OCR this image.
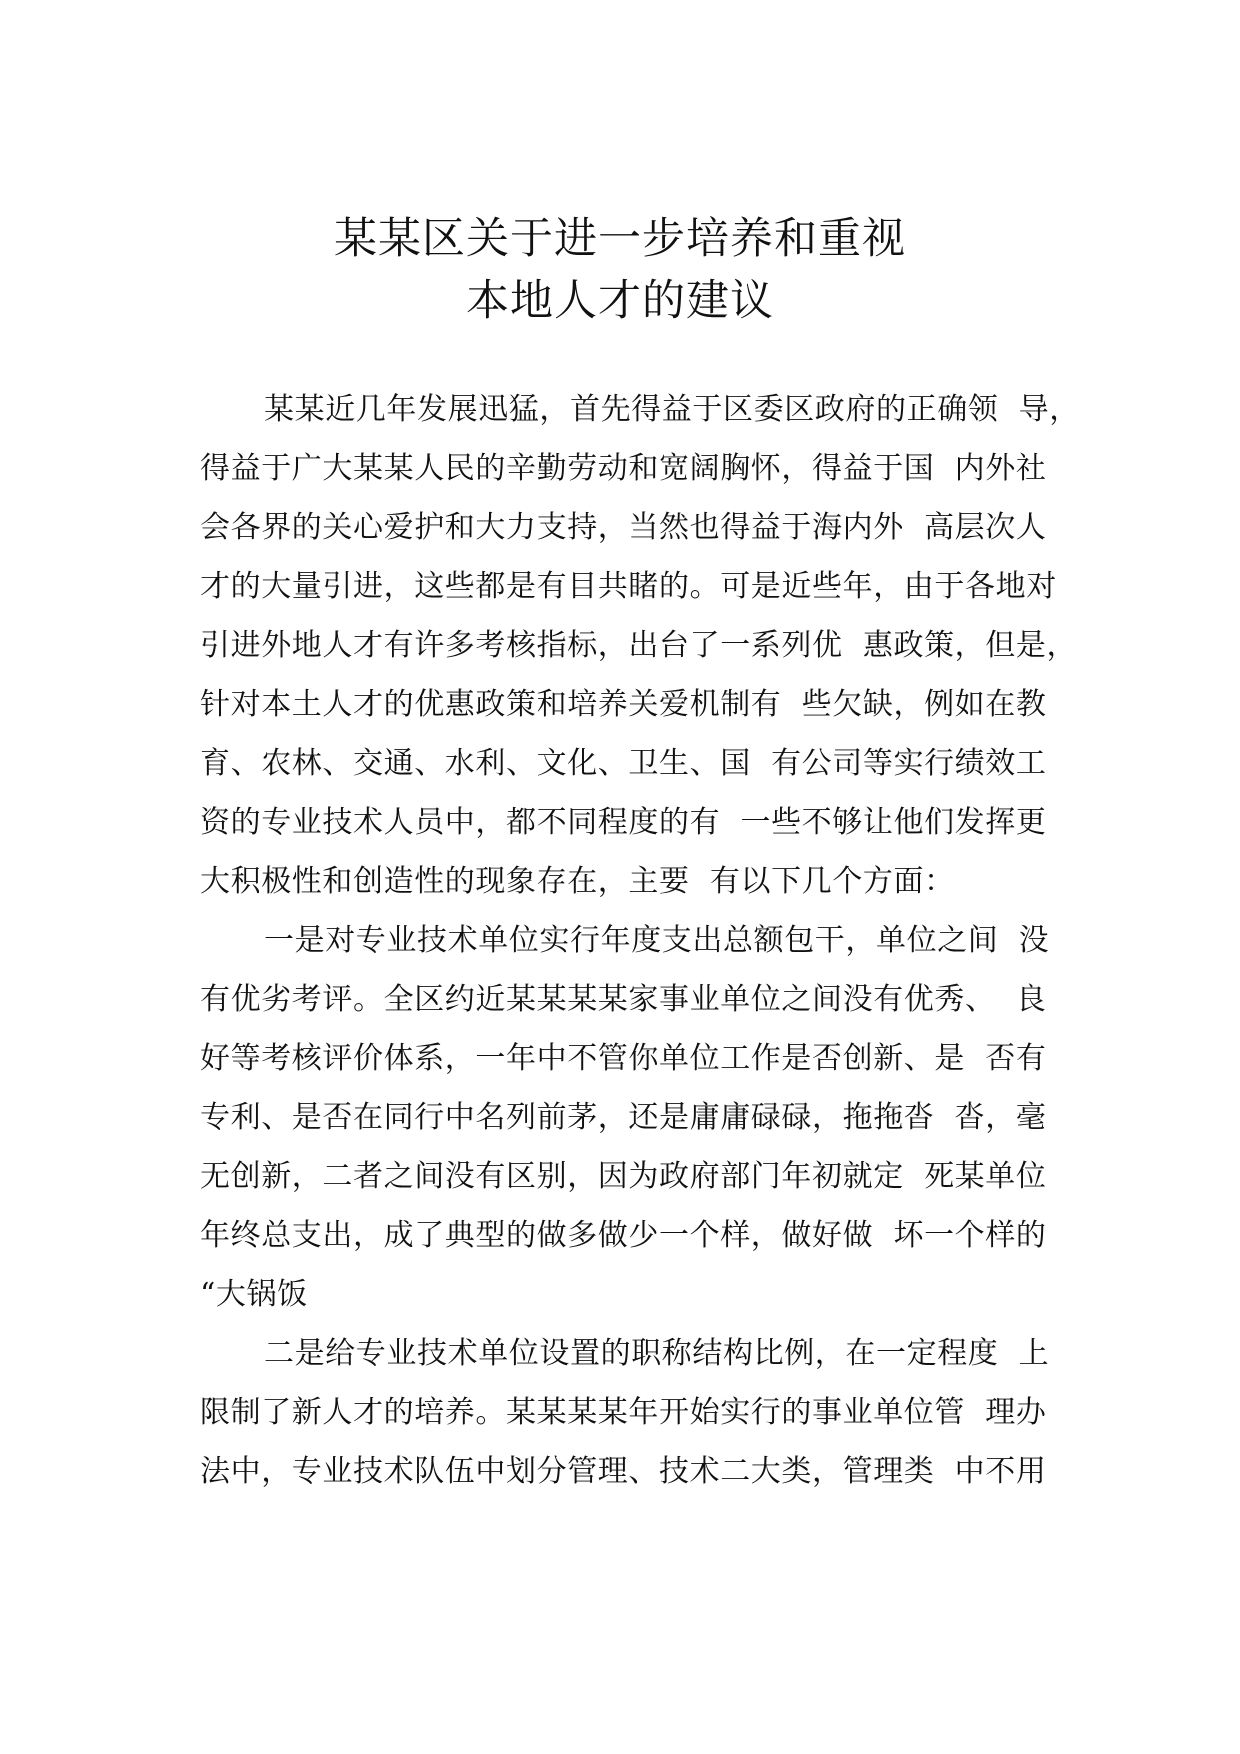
某某区关于进一步培养和重视
本地人才的建议
某某近几年发展迅猛，首先得益于区委区政府的正确领  导，
得益于广大某某人民的辛勤劳动和宽阔胸怀，得益于国  内外社
会各界的关心爱护和大力支持，当然也得益于海内外  高层次人
才的大量引进，这些都是有目共睹的。可是近些年，由于各地对
引进外地人才有许多考核指标，出台了一系列优  惠政策，但是，
针对本土人才的优惠政策和培养关爱机制有  些欠缺，例如在教
育、农林、交通、水利、文化、卫生、国  有公司等实行绩效工
资的专业技术人员中，都不同程度的有  一些不够让他们发挥更
大积极性和创造性的现象存在，主要  有以下几个方面：
一是对专业技术单位实行年度支出总额包干，单位之间  没
有优劣考评。全区约近某某某某家事业单位之间没有优秀、  良
好等考核评价体系，一年中不管你单位工作是否创新、是  否有
专利、是否在同行中名列前茅，还是庸庸碌碌，拖拖沓  沓，毫
无创新，二者之间没有区别，因为政府部门年初就定  死某单位
年终总支出，成了典型的做多做少一个样，做好做  坏一个样的
“大锅饭
二是给专业技术单位设置的职称结构比例，在一定程度  上
限制了新人才的培养。某某某某年开始实行的事业单位管  理办
法中，专业技术队伍中划分管理、技术二大类，管理类  中不用
